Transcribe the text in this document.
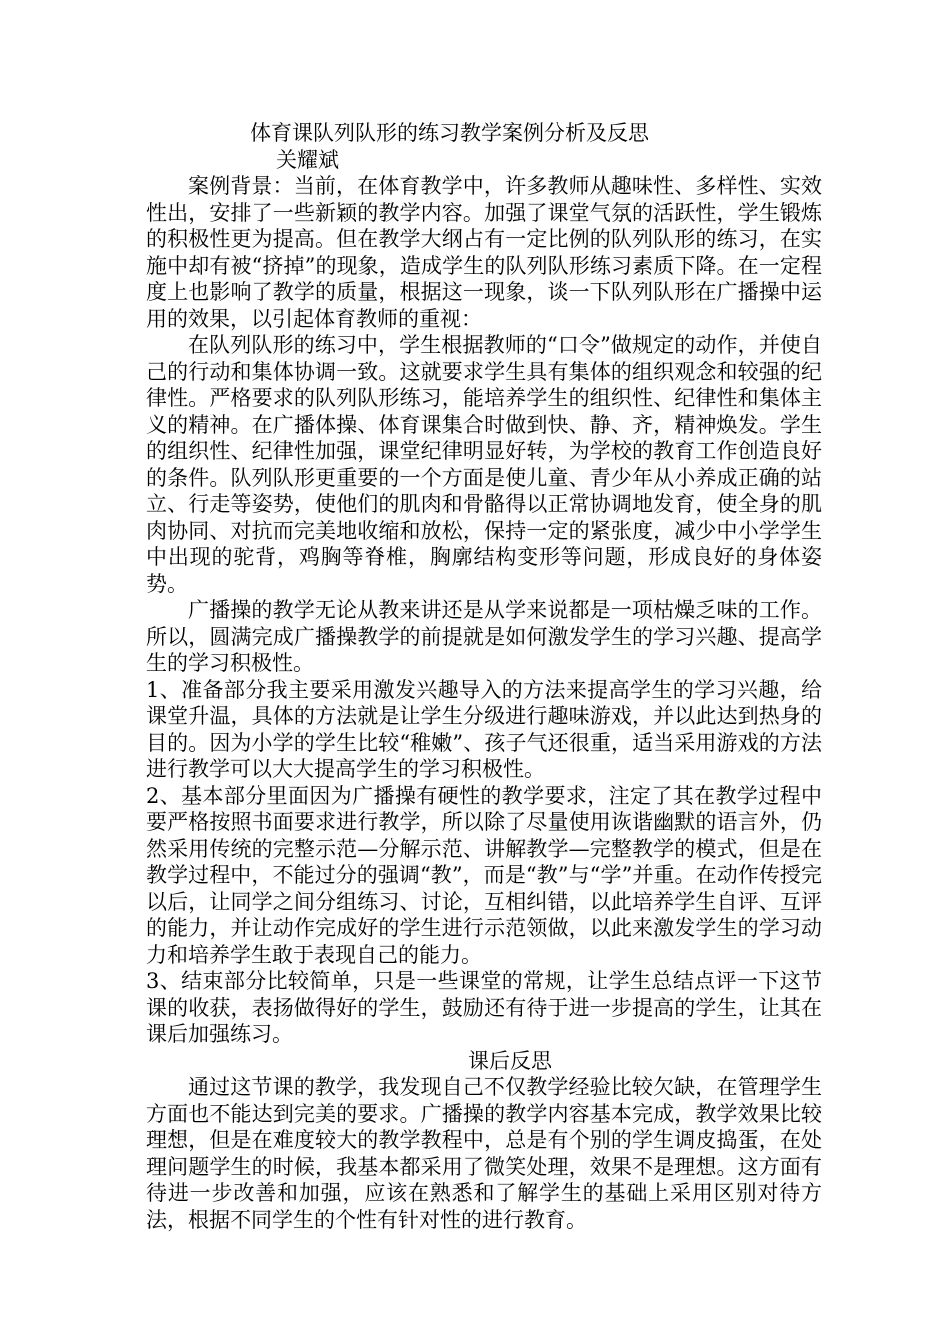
体育课队列队形的练习教学案例分析及反思
关耀斌

案例背景：当前，在体育教学中，许多教师从趣味性、多样性、实效性出，安排了一些新颖的教学内容。加强了课堂气氛的活跃性，学生锻炼的积极性更为提高。但在教学大纲占有一定比例的队列队形的练习，在实施中却有被“挤掉”的现象，造成学生的队列队形练习素质下降。在一定程度上也影响了教学的质量，根据这一现象，谈一下队列队形在广播操中运用的效果，以引起体育教师的重视：

在队列队形的练习中，学生根据教师的“口令”做规定的动作，并使自己的行动和集体协调一致。这就要求学生具有集体的组织观念和较强的纪律性。严格要求的队列队形练习，能培养学生的组织性、纪律性和集体主义的精神。在广播体操、体育课集合时做到快、静、齐，精神焕发。学生的组织性、纪律性加强，课堂纪律明显好转，为学校的教育工作创造良好的条件。队列队形更重要的一个方面是使儿童、青少年从小养成正确的站立、行走等姿势，使他们的肌肉和骨骼得以正常协调地发育，使全身的肌肉协同、对抗而完美地收缩和放松，保持一定的紧张度，减少中小学学生中出现的驼背，鸡胸等脊椎，胸廓结构变形等问题，形成良好的身体姿势。

广播操的教学无论从教来讲还是从学来说都是一项枯燥乏味的工作。所以，圆满完成广播操教学的前提就是如何激发学生的学习兴趣、提高学生的学习积极性。

1、准备部分我主要采用激发兴趣导入的方法来提高学生的学习兴趣，给课堂升温，具体的方法就是让学生分级进行趣味游戏，并以此达到热身的目的。因为小学的学生比较“稚嫩”、孩子气还很重，适当采用游戏的方法进行教学可以大大提高学生的学习积极性。

2、基本部分里面因为广播操有硬性的教学要求，注定了其在教学过程中要严格按照书面要求进行教学，所以除了尽量使用诙谐幽默的语言外，仍然采用传统的完整示范—分解示范、讲解教学—完整教学的模式，但是在教学过程中，不能过分的强调“教”，而是“教”与“学”并重。在动作传授完以后，让同学之间分组练习、讨论，互相纠错，以此培养学生自评、互评的能力，并让动作完成好的学生进行示范领做，以此来激发学生的学习动力和培养学生敢于表现自己的能力。

3、结束部分比较简单，只是一些课堂的常规，让学生总结点评一下这节课的收获，表扬做得好的学生，鼓励还有待于进一步提高的学生，让其在课后加强练习。

课后反思

通过这节课的教学，我发现自己不仅教学经验比较欠缺，在管理学生方面也不能达到完美的要求。广播操的教学内容基本完成，教学效果比较理想，但是在难度较大的教学教程中，总是有个别的学生调皮捣蛋，在处理问题学生的时候，我基本都采用了微笑处理，效果不是理想。这方面有待进一步改善和加强，应该在熟悉和了解学生的基础上采用区别对待方法，根据不同学生的个性有针对性的进行教育。
